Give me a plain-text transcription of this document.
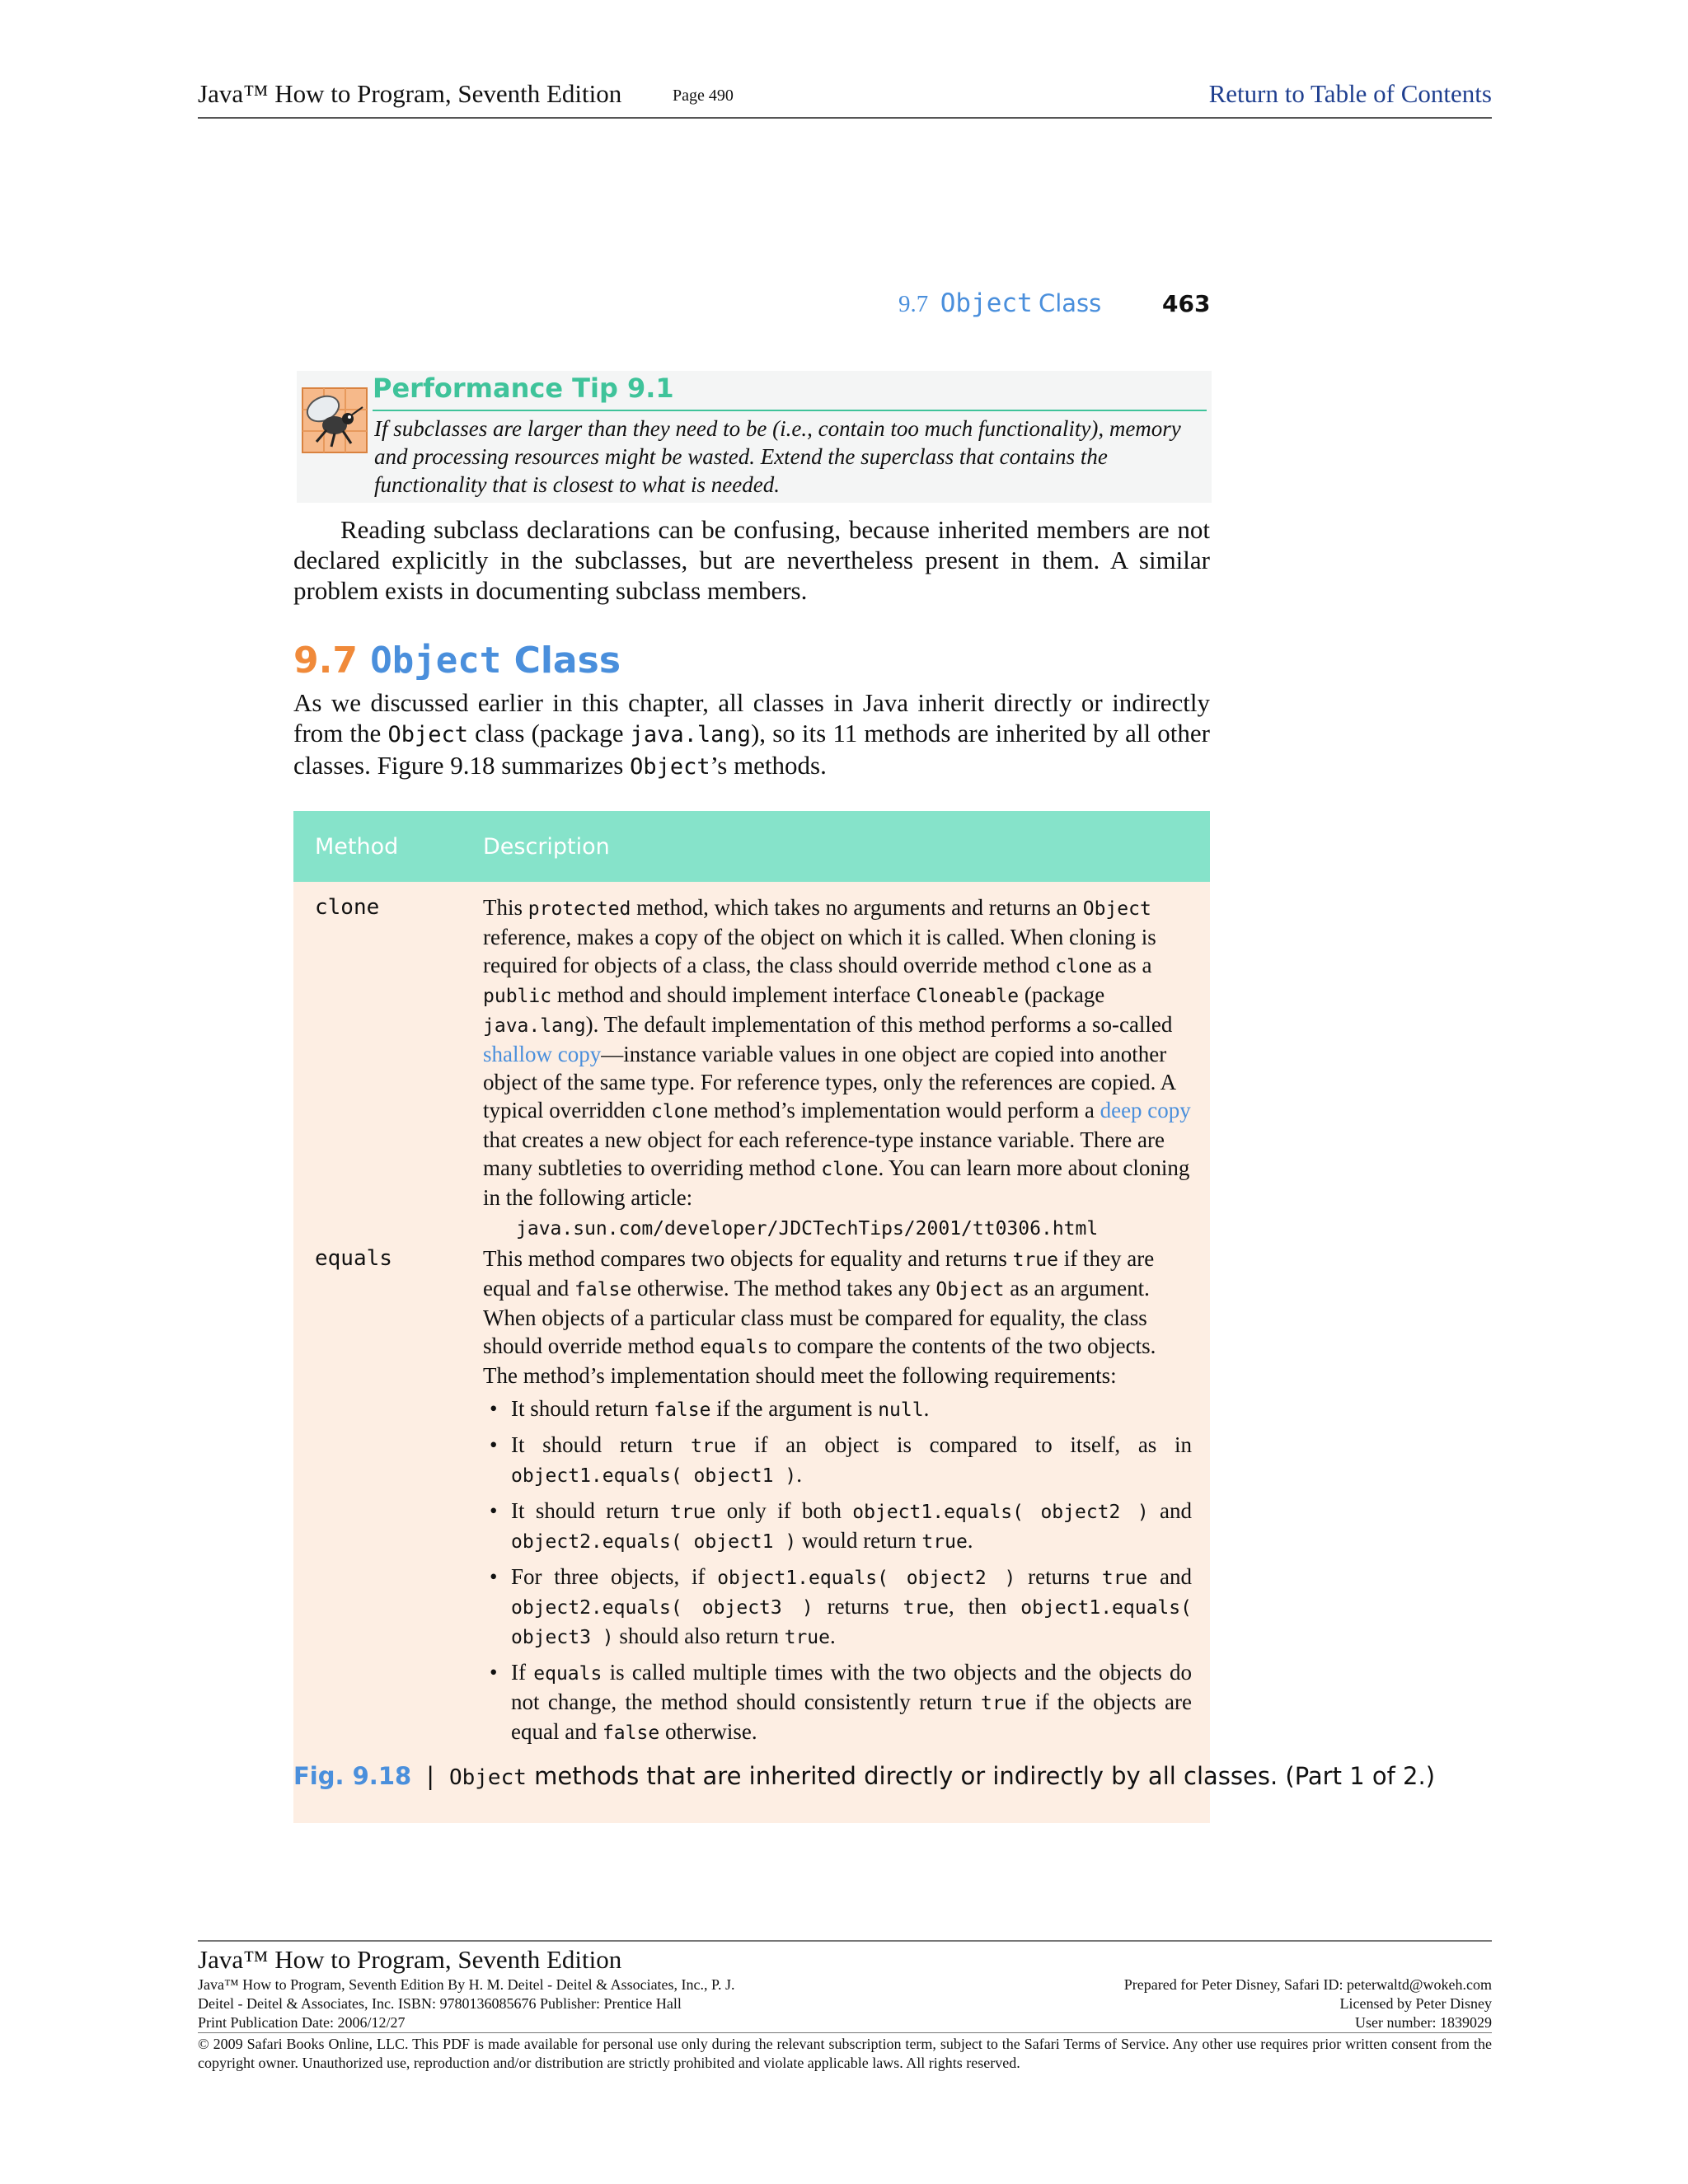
Java™ How to Program, Seventh Edition	Page 490	Return to Table of Contents
9.7 Object Class	463
Performance Tip 9.1
If subclasses are larger than they need to be (i.e., contain too much functionality), memory and processing resources might be wasted. Extend the superclass that contains the functionality that is closest to what is needed.
Reading subclass declarations can be confusing, because inherited members are not declared explicitly in the subclasses, but are nevertheless present in them. A similar problem exists in documenting subclass members.
9.7 Object Class
As we discussed earlier in this chapter, all classes in Java inherit directly or indirectly from the Object class (package java.lang), so its 11 methods are inherited by all other classes. Figure 9.18 summarizes Object’s methods.
Method	Description
clone	This protected method, which takes no arguments and returns an Object reference, makes a copy of the object on which it is called. When cloning is required for objects of a class, the class should override method clone as a public method and should implement interface Cloneable (package java.lang). The default implementation of this method performs a so-called shallow copy—instance variable values in one object are copied into another object of the same type. For reference types, only the references are copied. A typical overridden clone method’s implementation would perform a deep copy that creates a new object for each reference-type instance variable. There are many subtleties to overriding method clone. You can learn more about cloning in the following article:
java.sun.com/developer/JDCTechTips/2001/tt0306.html
equals	This method compares two objects for equality and returns true if they are equal and false otherwise. The method takes any Object as an argument. When objects of a particular class must be compared for equality, the class should override method equals to compare the contents of the two objects. The method’s implementation should meet the following requirements:
• It should return false if the argument is null.
• It should return true if an object is compared to itself, as in object1.equals( object1 ).
• It should return true only if both object1.equals( object2 ) and object2.equals( object1 ) would return true.
• For three objects, if object1.equals( object2 ) returns true and object2.equals( object3 ) returns true, then object1.equals( object3 ) should also return true.
• If equals is called multiple times with the two objects and the objects do not change, the method should consistently return true if the objects are equal and false otherwise.
Fig. 9.18 | Object methods that are inherited directly or indirectly by all classes. (Part 1 of 2.)
Java™ How to Program, Seventh Edition
Java™ How to Program, Seventh Edition By H. M. Deitel - Deitel & Associates, Inc., P. J.
Deitel - Deitel & Associates, Inc. ISBN: 9780136085676 Publisher: Prentice Hall
Print Publication Date: 2006/12/27
Prepared for Peter Disney, Safari ID: peterwaltd@wokeh.com
Licensed by Peter Disney
User number: 1839029
© 2009 Safari Books Online, LLC. This PDF is made available for personal use only during the relevant subscription term, subject to the Safari Terms of Service. Any other use requires prior written consent from the copyright owner. Unauthorized use, reproduction and/or distribution are strictly prohibited and violate applicable laws. All rights reserved.
